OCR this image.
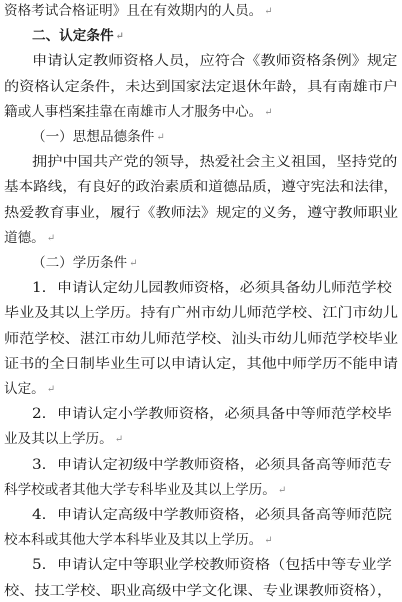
资格考试合格证明》且在有效期内的人员。 ↵
二、认定条件 ↵
申请认定教师资格人员，应符合《教师资格条例》规定
的资格认定条件，未达到国家法定退休年龄，具有南雄市户
籍或人事档案挂靠在南雄市人才服务中心。 ↵
（一）思想品德条件 ↵
拥护中国共产党的领导，热爱社会主义祖国，坚持党的
基本路线，有良好的政治素质和道德品质，遵守宪法和法律，
热爱教育事业，履行《教师法》规定的义务，遵守教师职业
道德。 ↵
（二）学历条件 ↵
1．申请认定幼儿园教师资格，必须具备幼儿师范学校
毕业及其以上学历。持有广州市幼儿师范学校、江门市幼儿
师范学校、湛江市幼儿师范学校、汕头市幼儿师范学校毕业
证书的全日制毕业生可以申请认定，其他中师学历不能申请
认定。 ↵
2．申请认定小学教师资格，必须具备中等师范学校毕
业及其以上学历。 ↵
3．申请认定初级中学教师资格，必须具备高等师范专
科学校或者其他大学专科毕业及其以上学历。 ↵
4．申请认定高级中学教师资格，必须具备高等师范院
校本科或其他大学本科毕业及其以上学历。 ↵
5．申请认定中等职业学校教师资格（包括中等专业学
校、技工学校、职业高级中学文化课、专业课教师资格），
